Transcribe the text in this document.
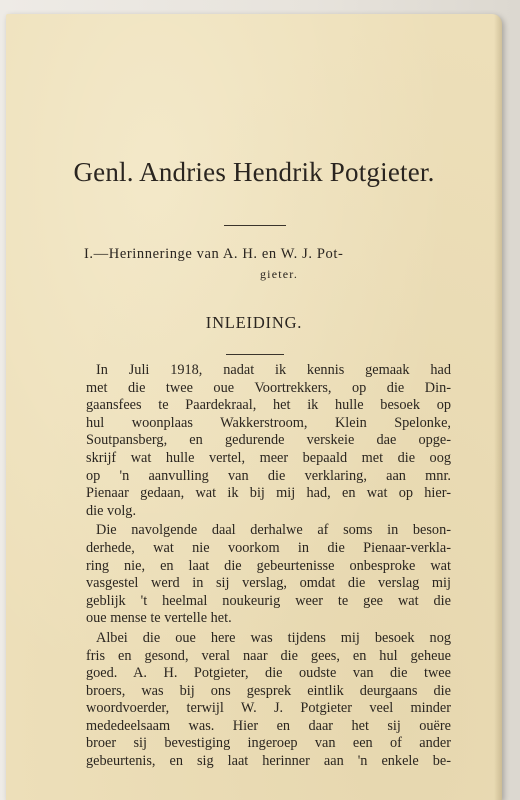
Genl. Andries Hendrik Potgieter.
I.—Herinneringe van A. H. en W. J. Pot-
gieter.
INLEIDING.
In Juli 1918, nadat ik kennis gemaak had
met die twee oue Voortrekkers, op die Din-
gaansfees te Paardekraal, het ik hulle besoek op
hul woonplaas Wakkerstroom, Klein Spelonke,
Soutpansberg, en gedurende verskeie dae opge-
skrijf wat hulle vertel, meer bepaald met die oog
op 'n aanvulling van die verklaring, aan mnr.
Pienaar gedaan, wat ik bij mij had, en wat op hier-
die volg.
Die navolgende daal derhalwe af soms in beson-
derhede, wat nie voorkom in die Pienaar-verkla-
ring nie, en laat die gebeurtenisse onbesproke wat
vasgestel werd in sij verslag, omdat die verslag mij
geblijk 't heelmal noukeurig weer te gee wat die
oue mense te vertelle het.
Albei die oue here was tijdens mij besoek nog
fris en gesond, veral naar die gees, en hul geheue
goed. A. H. Potgieter, die oudste van die twee
broers, was bij ons gesprek eintlik deurgaans die
woordvoerder, terwijl W. J. Potgieter veel minder
mededeelsaam was. Hier en daar het sij ouëre
broer sij bevestiging ingeroep van een of ander
gebeurtenis, en sig laat herinner aan 'n enkele be-
